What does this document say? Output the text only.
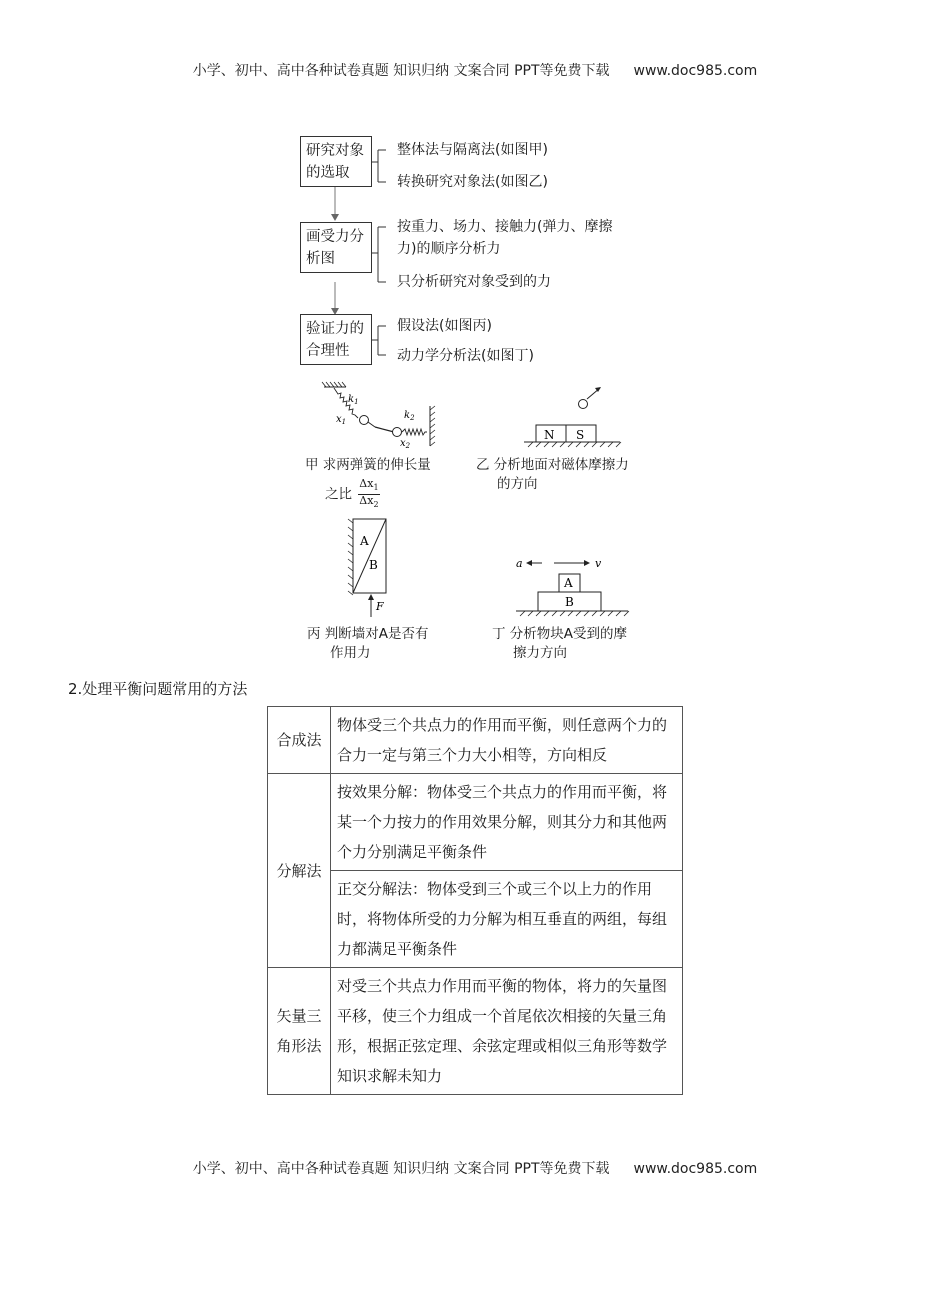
小学、初中、高中各种试卷真题 知识归纳 文案合同 PPT等免费下载 www.doc985.com
研究对象
的选取
整体法与隔离法(如图甲)
转换研究对象法(如图乙)
画受力分
析图
按重力、场力、接触力(弹力、摩擦
力)的顺序分析力
只分析研究对象受到的力
验证力的
合理性
假设法(如图丙)
动力学分析法(如图丁)
$k_1$
$x_1$
$k_2$
$x_2$
甲 求两弹簧的伸长量
之比 $\frac{\Delta x_1}{\Delta x_2}$
N S
乙 分析地面对磁体摩擦力
的方向
A
B
F
丙 判断墙对A是否有
作用力
a	v
A
B
丁 分析物块A受到的摩
擦力方向
2.处理平衡问题常用的方法
合成法	物体受三个共点力的作用而平衡，则任意两个力的合力一定与第三个力大小相等，方向相反
分解法	按效果分解：物体受三个共点力的作用而平衡，将某一个力按力的作用效果分解，则其分力和其他两个力分别满足平衡条件
	正交分解法：物体受到三个或三个以上力的作用时，将物体所受的力分解为相互垂直的两组，每组力都满足平衡条件
矢量三角形法	对受三个共点力作用而平衡的物体，将力的矢量图平移，使三个力组成一个首尾依次相接的矢量三角形，根据正弦定理、余弦定理或相似三角形等数学知识求解未知力
小学、初中、高中各种试卷真题 知识归纳 文案合同 PPT等免费下载 www.doc985.com
